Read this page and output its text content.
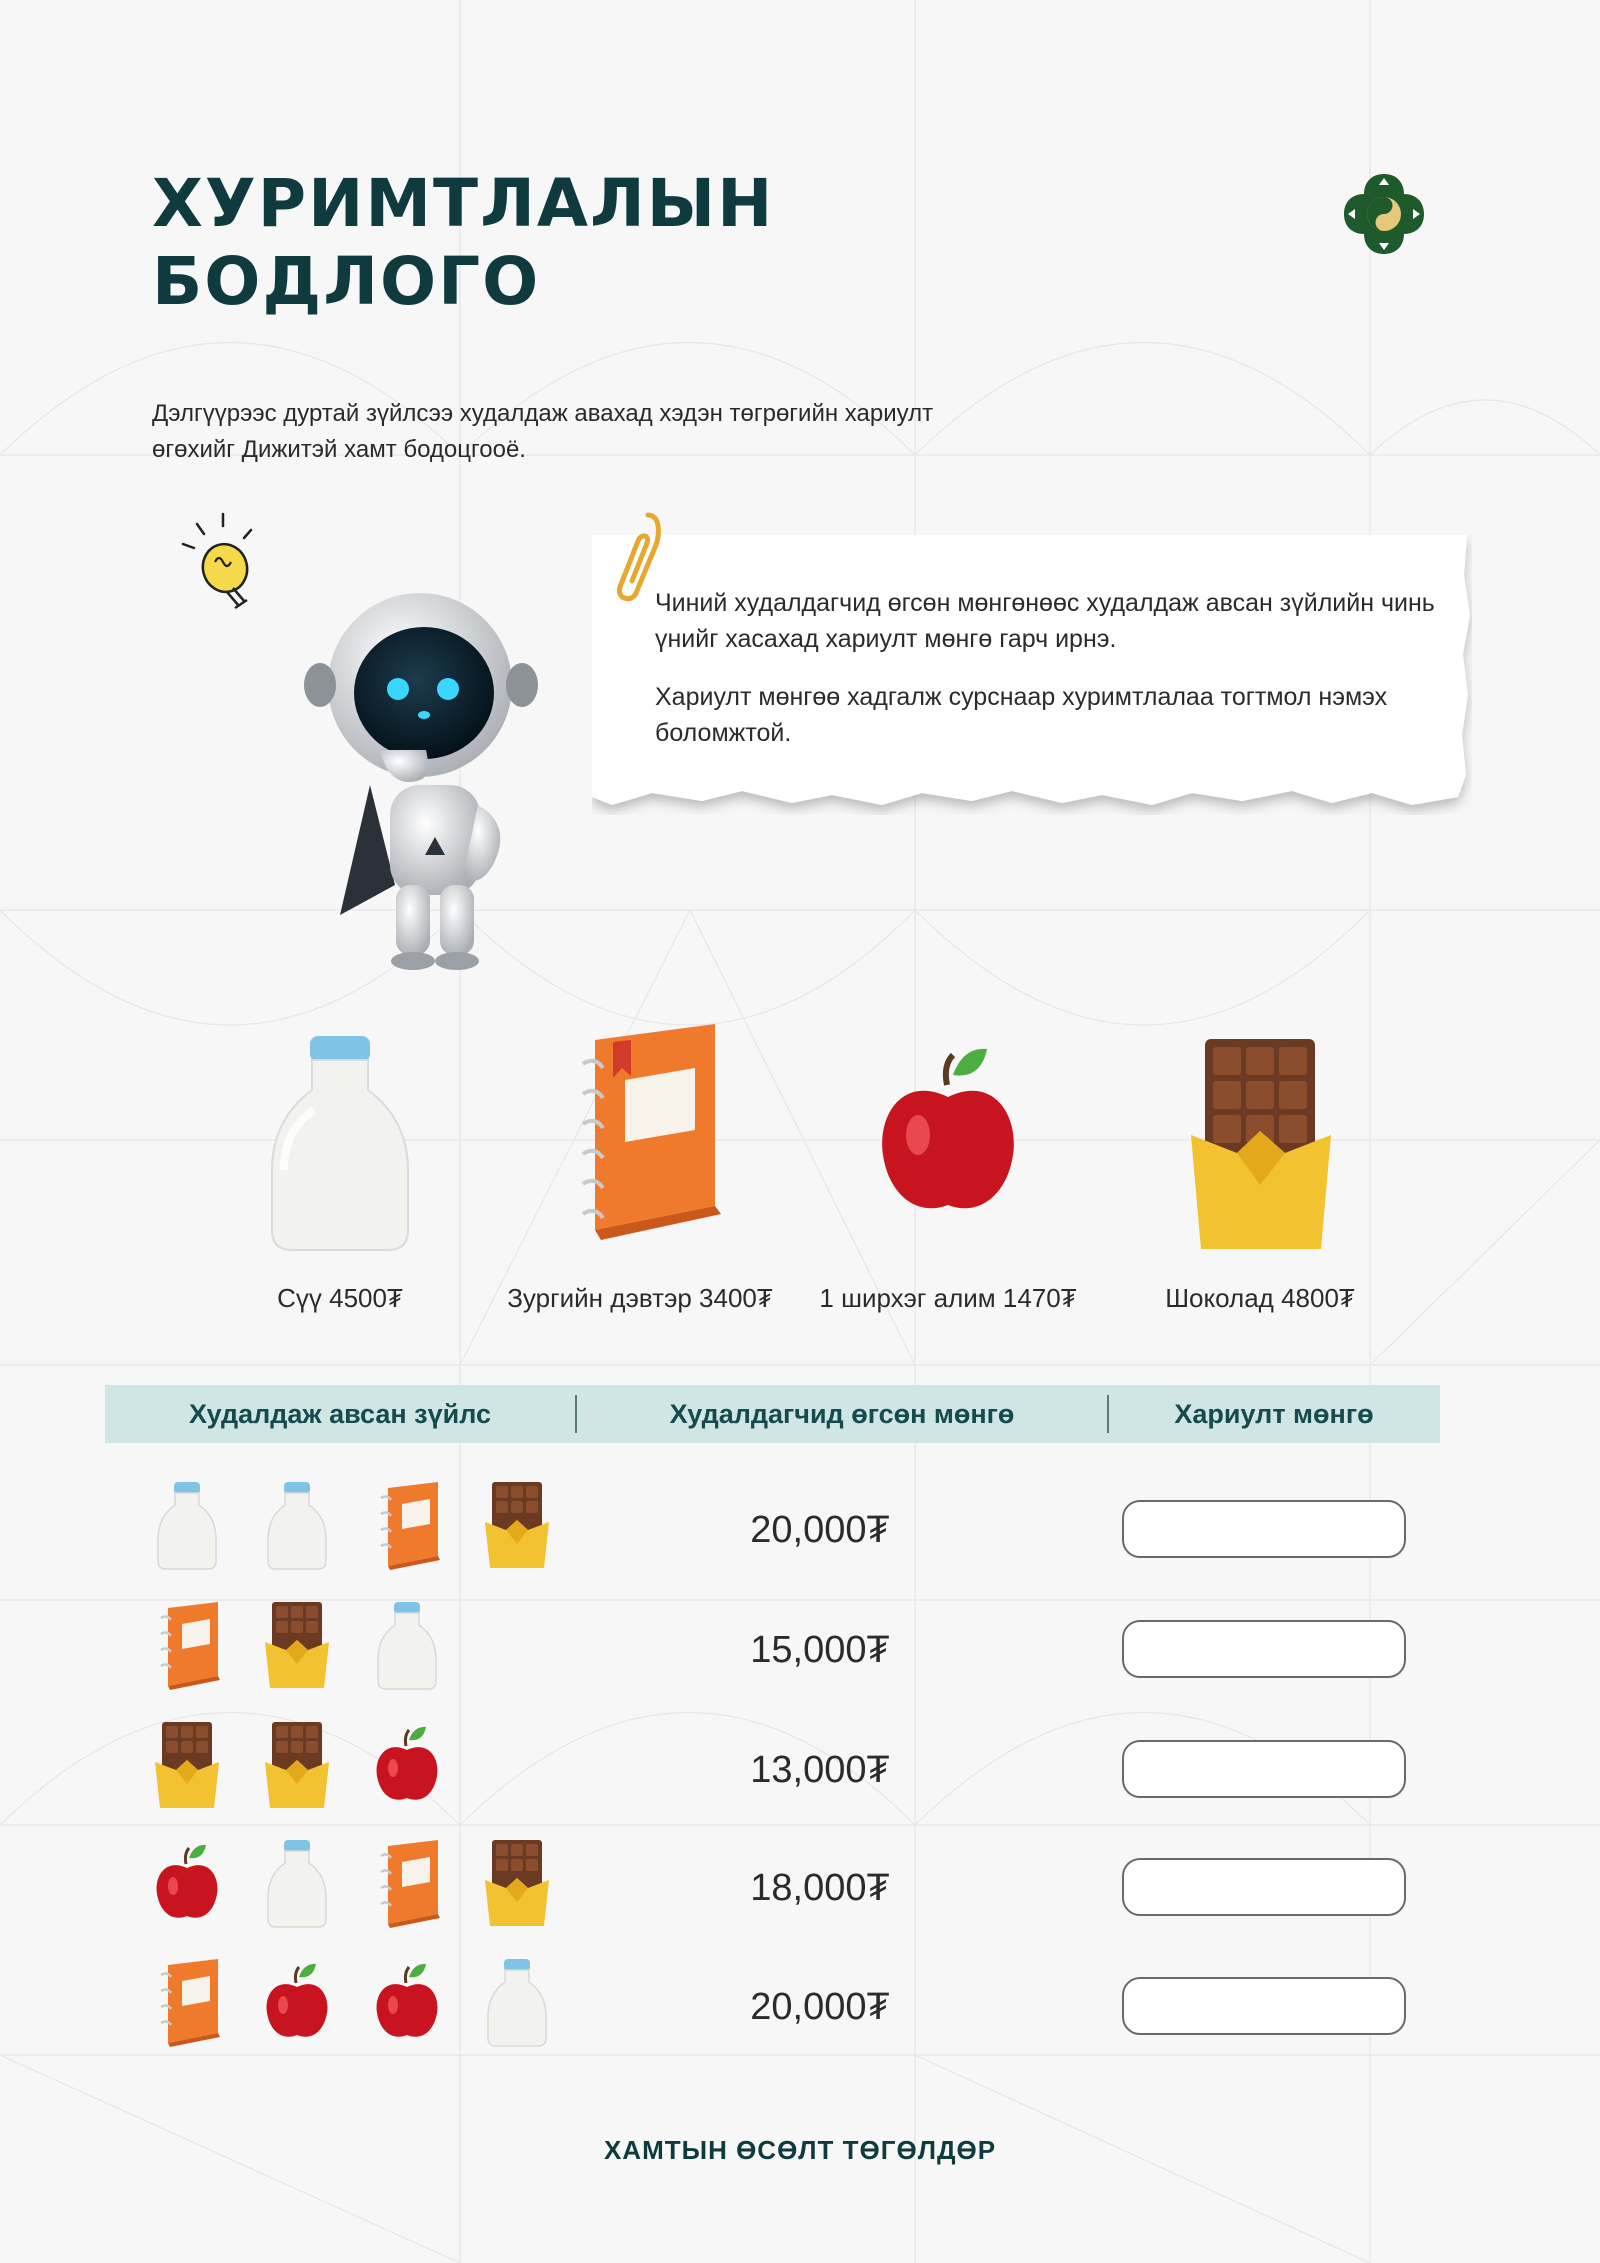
ХУРИМТЛАЛЫН
БОДЛОГО
Дэлгүүрээс дуртай зүйлсээ худалдаж авахад хэдэн төгрөгийн хариулт өгөхийг Дижитэй хамт бодоцгооё.

Чиний худалдагчид өгсөн мөнгөнөөс худалдаж авсан зүйлийн чинь үнийг хасахад хариулт мөнгө гарч ирнэ.

Хариулт мөнгөө хадгалж сурснаар хуримтлалаа тогтмол нэмэх боломжтой.

Сүү 4500₮	Зургийн дэвтэр 3400₮	1 ширхэг алим 1470₮	Шоколад 4800₮
Худалдаж авсан зүйлс	Худалдагчид өгсөн мөнгө	Хариулт мөнгө
20,000₮
15,000₮
13,000₮
18,000₮
20,000₮
ХАМТЫН ӨСӨЛТ ТӨГӨЛДӨР
